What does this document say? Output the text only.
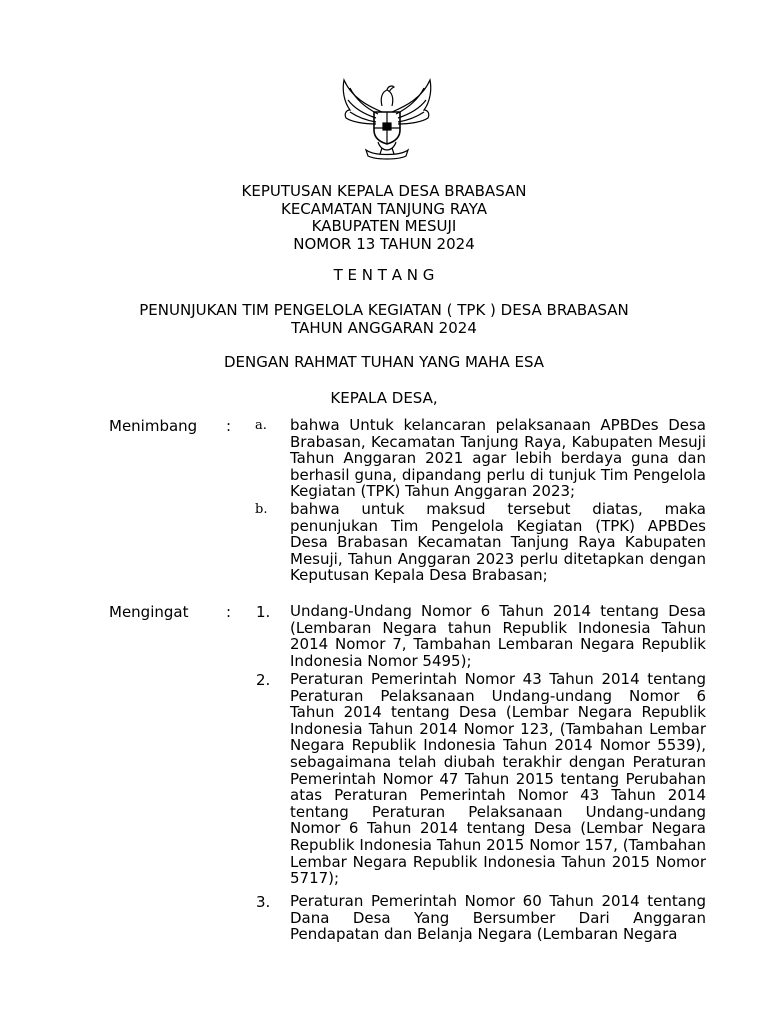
KEPUTUSAN KEPALA DESA BRABASAN

KECAMATAN TANJUNG RAYA

KABUPATEN MESUJI

NOMOR 13 TAHUN 2024

T E N T A N G

PENUNJUKAN TIM PENGELOLA KEGIATAN ( TPK ) DESA BRABASAN

TAHUN ANGGARAN 2024

DENGAN RAHMAT TUHAN YANG MAHA ESA

KEPALA DESA,

Menimbang : a. bahwa Untuk kelancaran pelaksanaan APBDes Desa Brabasan, Kecamatan Tanjung Raya, Kabupaten Mesuji Tahun Anggaran 2021 agar lebih berdaya guna dan berhasil guna, dipandang perlu di tunjuk Tim Pengelola Kegiatan (TPK) Tahun Anggaran 2023;
b. bahwa untuk maksud tersebut diatas, maka penunjukan Tim Pengelola Kegiatan (TPK) APBDes Desa Brabasan Kecamatan Tanjung Raya Kabupaten Mesuji, Tahun Anggaran 2023 perlu ditetapkan dengan Keputusan Kepala Desa Brabasan;
Mengingat	: 1. Undang-Undang Nomor 6 Tahun 2014 tentang Desa (Lembaran Negara tahun Republik Indonesia Tahun 2014 Nomor 7, Tambahan Lembaran Negara Republik Indonesia Nomor 5495);
2. Peraturan Pemerintah Nomor 43 Tahun 2014 tentang Peraturan Pelaksanaan Undang-undang Nomor 6 Tahun 2014 tentang Desa (Lembar Negara Republik Indonesia Tahun 2014 Nomor 123, (Tambahan Lembar Negara Republik Indonesia Tahun 2014 Nomor 5539), sebagaimana telah diubah terakhir dengan Peraturan Pemerintah Nomor 47 Tahun 2015 tentang Perubahan atas Peraturan Pemerintah Nomor 43 Tahun 2014 tentang Peraturan Pelaksanaan Undang-undang Nomor 6 Tahun 2014 tentang Desa (Lembar Negara Republik Indonesia Tahun 2015 Nomor 157, (Tambahan Lembar Negara Republik Indonesia Tahun 2015 Nomor 5717);
3. Peraturan Pemerintah Nomor 60 Tahun 2014 tentang Dana Desa Yang Bersumber Dari Anggaran Pendapatan dan Belanja Negara (Lembaran Negara
